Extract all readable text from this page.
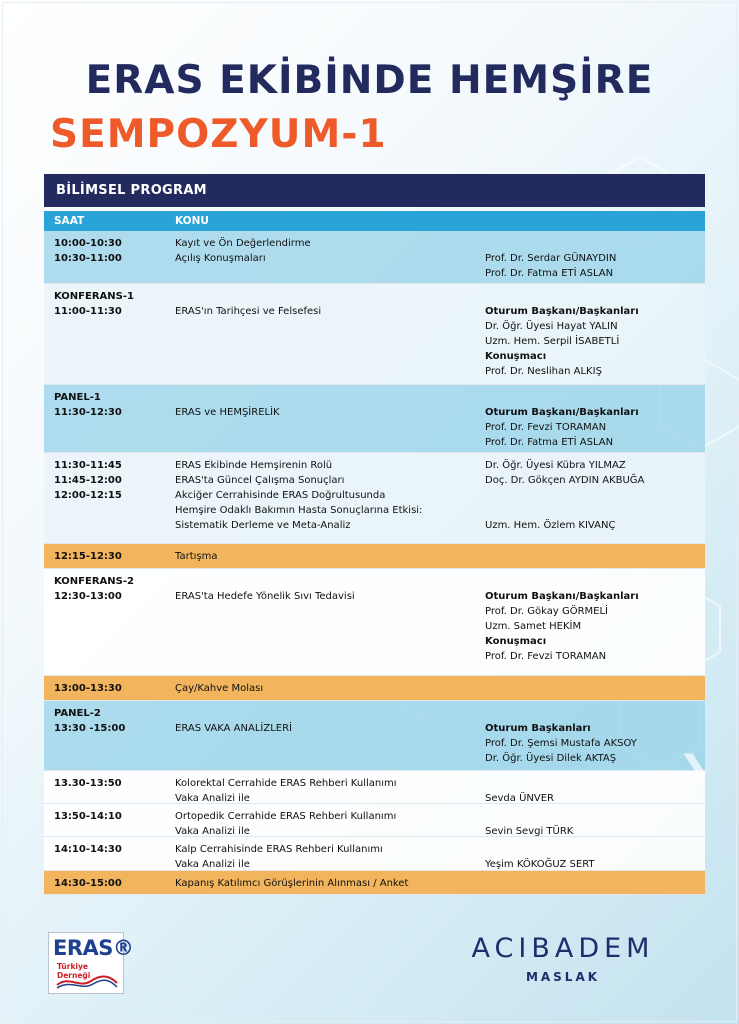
ERAS EKİBİNDE HEMŞİRE
SEMPOZYUM-1
BİLİMSEL PROGRAM
SAAT	KONU
10:00-10:30	Kayıt ve Ön Değerlendirme
10:30-11:00	Açılış Konuşmaları	Prof. Dr. Serdar GÜNAYDIN
Prof. Dr. Fatma ETİ ASLAN
KONFERANS-1
11:00-11:30	ERAS'ın Tarihçesi ve Felsefesi	Oturum Başkanı/Başkanları
Dr. Öğr. Üyesi Hayat YALIN
Uzm. Hem. Serpil İSABETLİ
Konuşmacı
Prof. Dr. Neslihan ALKIŞ
PANEL-1
11:30-12:30	ERAS ve HEMŞİRELİK	Oturum Başkanı/Başkanları
Prof. Dr. Fevzi TORAMAN
Prof. Dr. Fatma ETİ ASLAN
11:30-11:45	ERAS Ekibinde Hemşirenin Rolü	Dr. Öğr. Üyesi Kübra YILMAZ
11:45-12:00	ERAS'ta Güncel Çalışma Sonuçları	Doç. Dr. Gökçen AYDIN AKBUĞA
12:00-12:15	Akciğer Cerrahisinde ERAS Doğrultusunda
Hemşire Odaklı Bakımın Hasta Sonuçlarına Etkisi:
Sistematik Derleme ve Meta-Analiz	Uzm. Hem. Özlem KIVANÇ
12:15-12:30	Tartışma
KONFERANS-2
12:30-13:00	ERAS'ta Hedefe Yönelik Sıvı Tedavisi	Oturum Başkanı/Başkanları
Prof. Dr. Gökay GÖRMELİ
Uzm. Samet HEKİM
Konuşmacı
Prof. Dr. Fevzi TORAMAN
13:00-13:30	Çay/Kahve Molası
PANEL-2
13:30 -15:00	ERAS VAKA ANALİZLERİ	Oturum Başkanları
Prof. Dr. Şemsi Mustafa AKSOY
Dr. Öğr. Üyesi Dilek AKTAŞ
13.30-13:50	Kolorektal Cerrahide ERAS Rehberi Kullanımı
Vaka Analizi ile	Sevda ÜNVER
13:50-14:10	Ortopedik Cerrahide ERAS Rehberi Kullanımı
Vaka Analizi ile	Sevin Sevgi TÜRK
14:10-14:30	Kalp Cerrahisinde ERAS Rehberi Kullanımı
Vaka Analizi ile	Yeşim KÖKOĞUZ SERT
14:30-15:00	Kapanış Katılımcı Görüşlerinin Alınması / Anket
❯
ERAS®
Türkiye Derneği
ACIBADEM
MASLAK
